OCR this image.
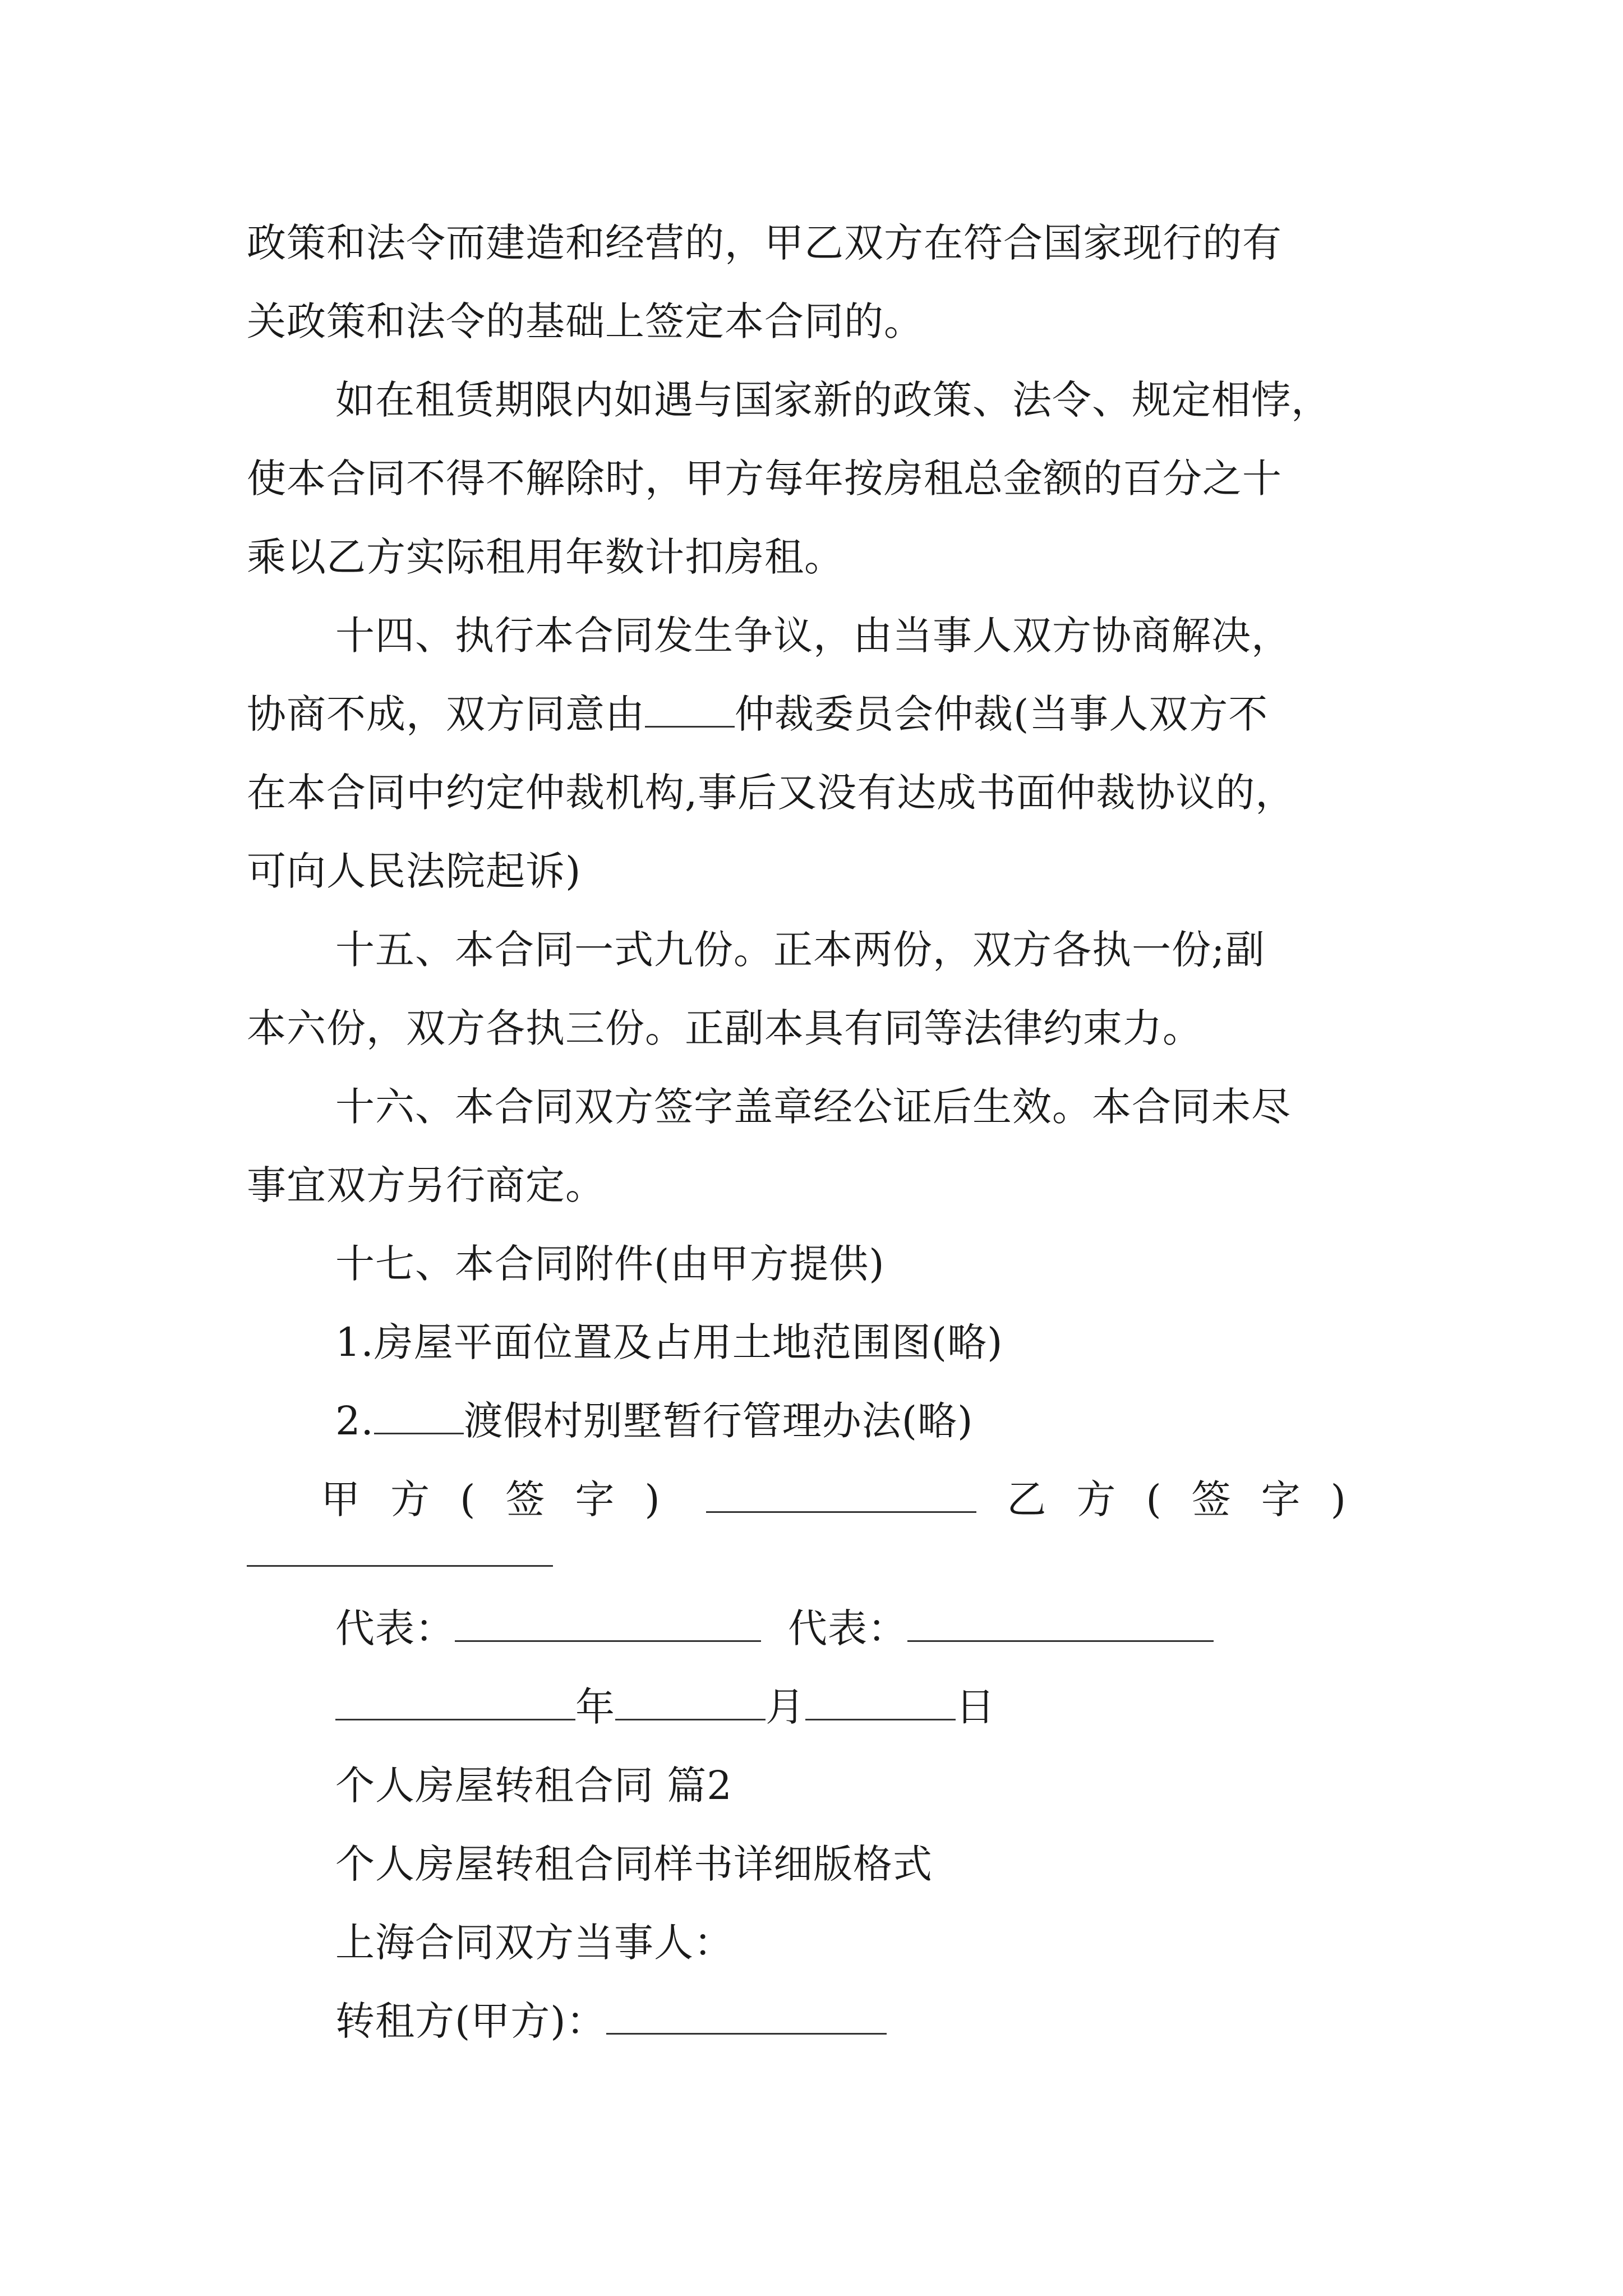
政策和法令而建造和经营的，甲乙双方在符合国家现行的有
关政策和法令的基础上签定本合同的。
如在租赁期限内如遇与国家新的政策、法令、规定相悖，
使本合同不得不解除时，甲方每年按房租总金额的百分之十
乘以乙方实际租用年数计扣房租。
十四、执行本合同发生争议，由当事人双方协商解决，
协商不成，双方同意由 仲裁委员会仲裁(当事人双方不
在本合同中约定仲裁机构,事后又没有达成书面仲裁协议的，
可向人民法院起诉)
十五、本合同一式九份。正本两份，双方各执一份;副
本六份，双方各执三份。正副本具有同等法律约束力。
十六、本合同双方签字盖章经公证后生效。本合同未尽
事宜双方另行商定。
十七、本合同附件(由甲方提供)
1.房屋平面位置及占用土地范围图(略)
2. 渡假村别墅暂行管理办法(略)
甲方(签字)	乙方(签字)
代表：	代表：
年	月	日
个人房屋转租合同 篇2
个人房屋转租合同样书详细版格式
上海合同双方当事人：
转租方(甲方)：
